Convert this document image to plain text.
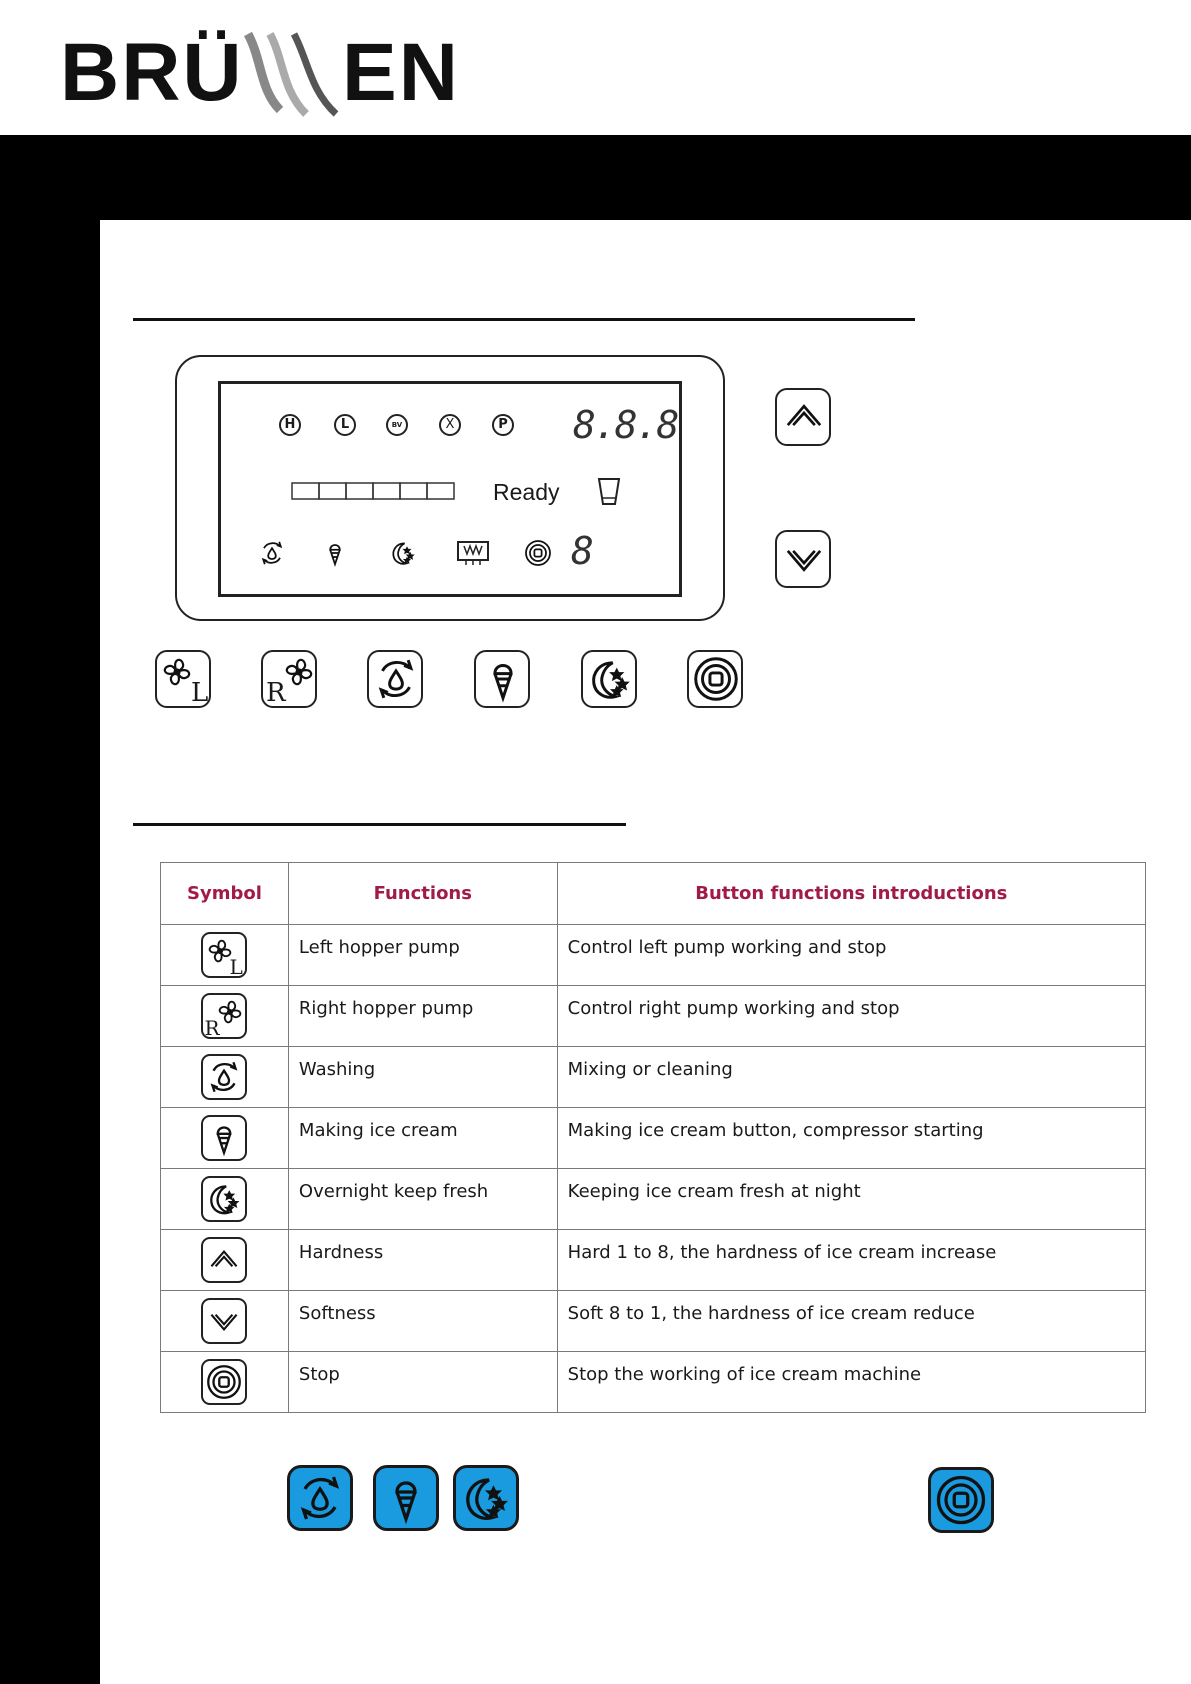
BRÜ EN
H	L	BV	X	P 8.8.8
Ready
8
L R
Symbol	Functions	Button functions introductions

L	Left hopper pump	Control left pump working and stop

R	Right hopper pump	Control right pump working and stop

	Washing	Mixing or cleaning

	Making ice cream	Making ice cream button, compressor starting

	Overnight keep fresh	Keeping ice cream fresh at night

	Hardness	Hard 1 to 8, the hardness of ice cream increase

	Softness	Soft 8 to 1, the hardness of ice cream reduce

	Stop	Stop the working of ice cream machine
